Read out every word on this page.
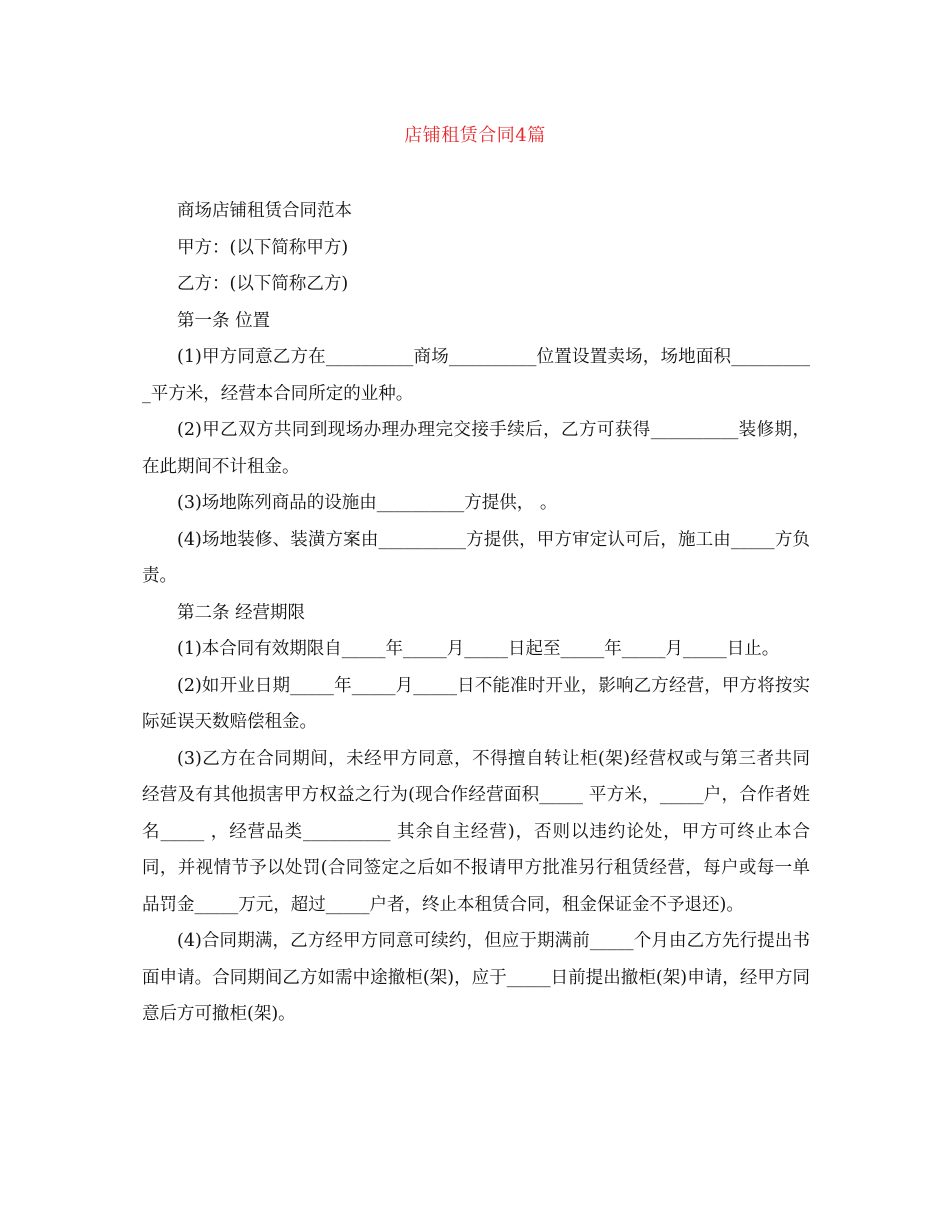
店铺租赁合同4篇

商场店铺租赁合同范本

甲方：(以下简称甲方)

乙方：(以下简称乙方)

第一条 位置

(1)甲方同意乙方在__________商场__________位置设置卖场，场地面积__________平方米，经营本合同所定的业种。

(2)甲乙双方共同到现场办理办理完交接手续后，乙方可获得__________装修期，在此期间不计租金。

(3)场地陈列商品的设施由__________方提供， 。

(4)场地装修、装潢方案由__________方提供，甲方审定认可后，施工由_____方负责。

第二条 经营期限

(1)本合同有效期限自_____年_____月_____日起至_____年_____月_____日止。

(2)如开业日期_____年_____月_____日不能准时开业，影响乙方经营，甲方将按实际延误天数赔偿租金。

(3)乙方在合同期间，未经甲方同意，不得擅自转让柜(架)经营权或与第三者共同经营及有其他损害甲方权益之行为(现合作经营面积_____ 平方米，_____户，合作者姓名_____ ，经营品类__________ 其余自主经营)，否则以违约论处，甲方可终止本合同，并视情节予以处罚(合同签定之后如不报请甲方批准另行租赁经营，每户或每一单品罚金_____万元，超过_____户者，终止本租赁合同，租金保证金不予退还)。

(4)合同期满，乙方经甲方同意可续约，但应于期满前_____个月由乙方先行提出书面申请。合同期间乙方如需中途撤柜(架)，应于_____日前提出撤柜(架)申请，经甲方同意后方可撤柜(架)。
